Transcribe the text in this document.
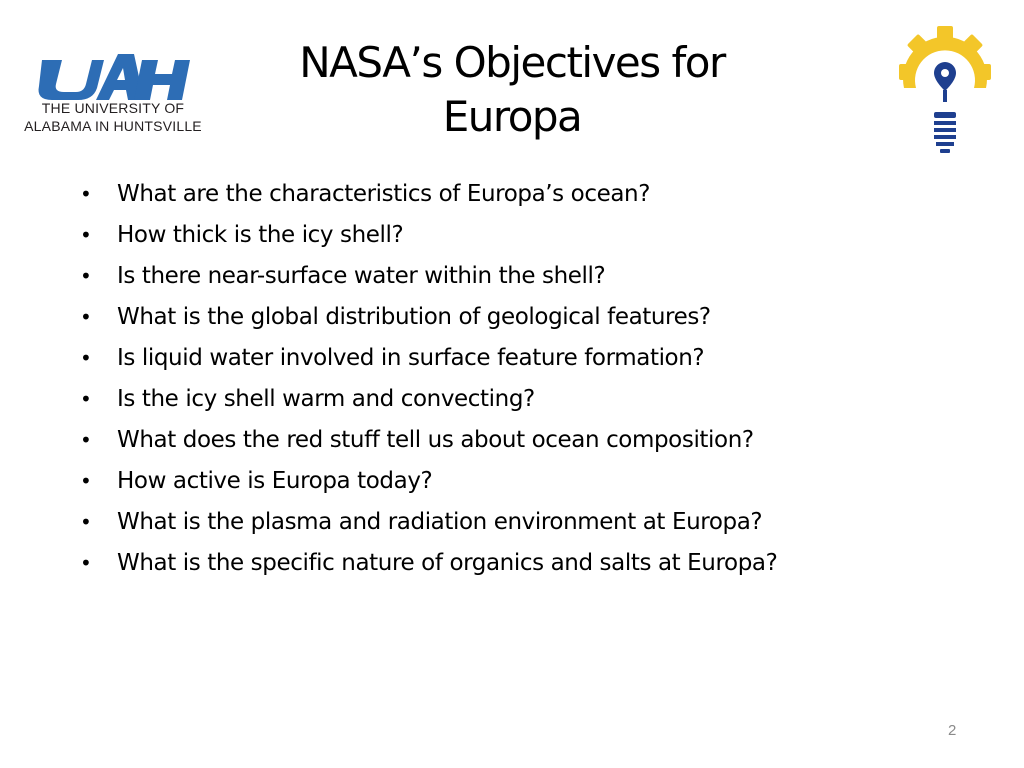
THE UNIVERSITY OF
ALABAMA IN HUNTSVILLE
NASA’s Objectives for
Europa
• What are the characteristics of Europa’s ocean?
• How thick is the icy shell?
• Is there near-surface water within the shell?
• What is the global distribution of geological features?
• Is liquid water involved in surface feature formation?
• Is the icy shell warm and convecting?
• What does the red stuff tell us about ocean composition?
• How active is Europa today?
• What is the plasma and radiation environment at Europa?
• What is the specific nature of organics and salts at Europa?
2
